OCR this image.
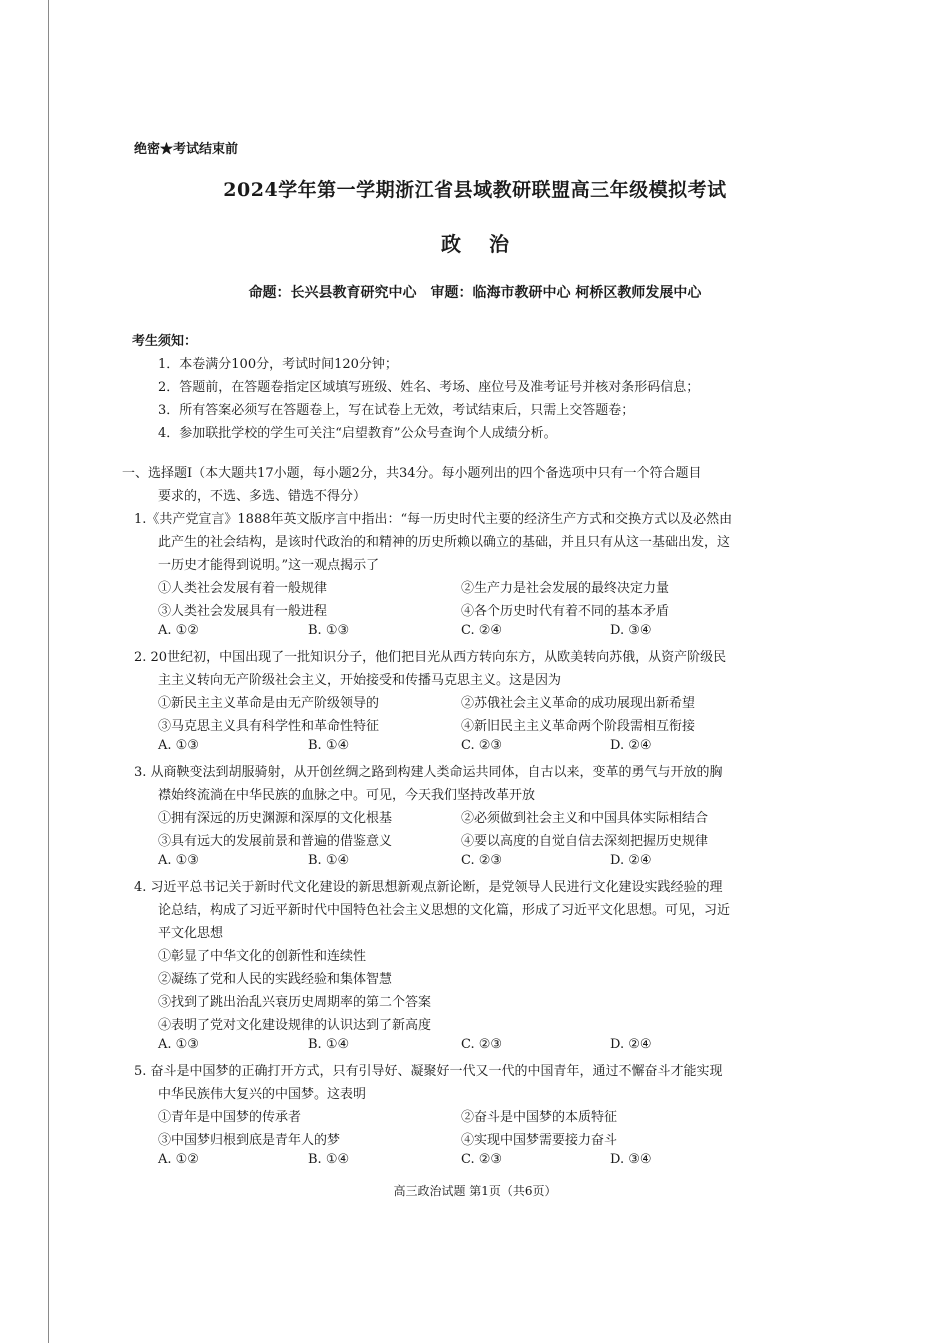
绝密★考试结束前
2024学年第一学期浙江省县域教研联盟高三年级模拟考试
政治
命题：长兴县教育研究中心　审题：临海市教研中心 柯桥区教师发展中心
考生须知：
1．本卷满分100分，考试时间120分钟；
2．答题前，在答题卷指定区域填写班级、姓名、考场、座位号及准考证号并核对条形码信息；
3．所有答案必须写在答题卷上，写在试卷上无效，考试结束后，只需上交答题卷；
4．参加联批学校的学生可关注“启望教育”公众号查询个人成绩分析。
一、选择题Ⅰ（本大题共17小题，每小题2分，共34分。每小题列出的四个备选项中只有一个符合题目
要求的，不选、多选、错选不得分）
1.《共产党宣言》1888年英文版序言中指出：“每一历史时代主要的经济生产方式和交换方式以及必然由
此产生的社会结构，是该时代政治的和精神的历史所赖以确立的基础，并且只有从这一基础出发，这
一历史才能得到说明。”这一观点揭示了
①人类社会发展有着一般规律	②生产力是社会发展的最终决定力量
③人类社会发展具有一般进程	④各个历史时代有着不同的基本矛盾
A. ①②	B. ①③	C. ②④	D. ③④
2. 20世纪初，中国出现了一批知识分子，他们把目光从西方转向东方，从欧美转向苏俄，从资产阶级民
主主义转向无产阶级社会主义，开始接受和传播马克思主义。这是因为
①新民主主义革命是由无产阶级领导的	②苏俄社会主义革命的成功展现出新希望
③马克思主义具有科学性和革命性特征	④新旧民主主义革命两个阶段需相互衔接
A. ①③	B. ①④	C. ②③	D. ②④
3. 从商鞅变法到胡服骑射，从开创丝绸之路到构建人类命运共同体，自古以来，变革的勇气与开放的胸
襟始终流淌在中华民族的血脉之中。可见，今天我们坚持改革开放
①拥有深远的历史渊源和深厚的文化根基	②必须做到社会主义和中国具体实际相结合
③具有远大的发展前景和普遍的借鉴意义	④要以高度的自觉自信去深刻把握历史规律
A. ①③	B. ①④	C. ②③	D. ②④
4. 习近平总书记关于新时代文化建设的新思想新观点新论断，是党领导人民进行文化建设实践经验的理
论总结，构成了习近平新时代中国特色社会主义思想的文化篇，形成了习近平文化思想。可见，习近
平文化思想
①彰显了中华文化的创新性和连续性
②凝练了党和人民的实践经验和集体智慧
③找到了跳出治乱兴衰历史周期率的第二个答案
④表明了党对文化建设规律的认识达到了新高度
A. ①③	B. ①④	C. ②③	D. ②④
5. 奋斗是中国梦的正确打开方式，只有引导好、凝聚好一代又一代的中国青年，通过不懈奋斗才能实现
中华民族伟大复兴的中国梦。这表明
①青年是中国梦的传承者	②奋斗是中国梦的本质特征
③中国梦归根到底是青年人的梦	④实现中国梦需要接力奋斗
A. ①②	B. ①④	C. ②③	D. ③④
高三政治试题 第1页（共6页）
